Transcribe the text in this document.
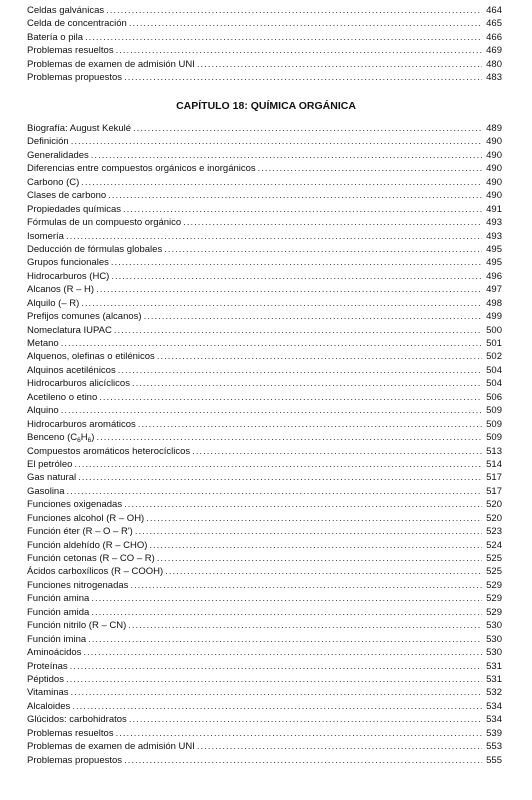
Celdas galvánicas .....	464
Celda de concentración .....	465
Batería o pila .....	466
Problemas resueltos .....	469
Problemas de examen de admisión UNI .....	480
Problemas propuestos .....	483
CAPÍTULO 18: QUÍMICA ORGÁNICA
Biografía: August Kekulé .....	489
Definición .....	490
Generalidades .....	490
Diferencias entre compuestos orgánicos e inorgánicos .....	490
Carbono (C) .....	490
Clases de carbono .....	490
Propiedades químicas .....	491
Fórmulas de un compuesto orgánico .....	493
Isomería .....	493
Deducción de fórmulas globales .....	495
Grupos funcionales .....	495
Hidrocarburos (HC) .....	496
Alcanos (R – H) .....	497
Alquilo (– R) .....	498
Prefijos comunes (alcanos) .....	499
Nomeclatura IUPAC .....	500
Metano .....	501
Alquenos, olefinas o etilénicos .....	502
Alquinos acetilénicos .....	504
Hidrocarburos alicíclicos .....	504
Acetileno o etino .....	506
Alquino .....	509
Hidrocarburos aromáticos .....	509
Benceno $(C_6H_6)$ .....	509
Compuestos aromáticos heterocíclicos .....	513
El petróleo .....	514
Gas natural .....	517
Gasolina .....	517
Funciones oxigenadas .....	520
Funciones alcohol (R – OH) .....	520
Función éter (R – O – R') .....	523
Función aldehído (R – CHO) .....	524
Función cetonas (R – CO – R) .....	525
Ácidos carboxílicos (R – COOH) .....	525
Funciones nitrogenadas .....	529
Función amina .....	529
Función amida .....	529
Función nitrilo (R – CN) .....	530
Función imina .....	530
Aminoácidos .....	530
Proteínas .....	531
Péptidos .....	531
Vitaminas .....	532
Alcaloides .....	534
Glúcidos: carbohidratos .....	534
Problemas resueltos .....	539
Problemas de examen de admisión UNI .....	553
Problemas propuestos .....	555
